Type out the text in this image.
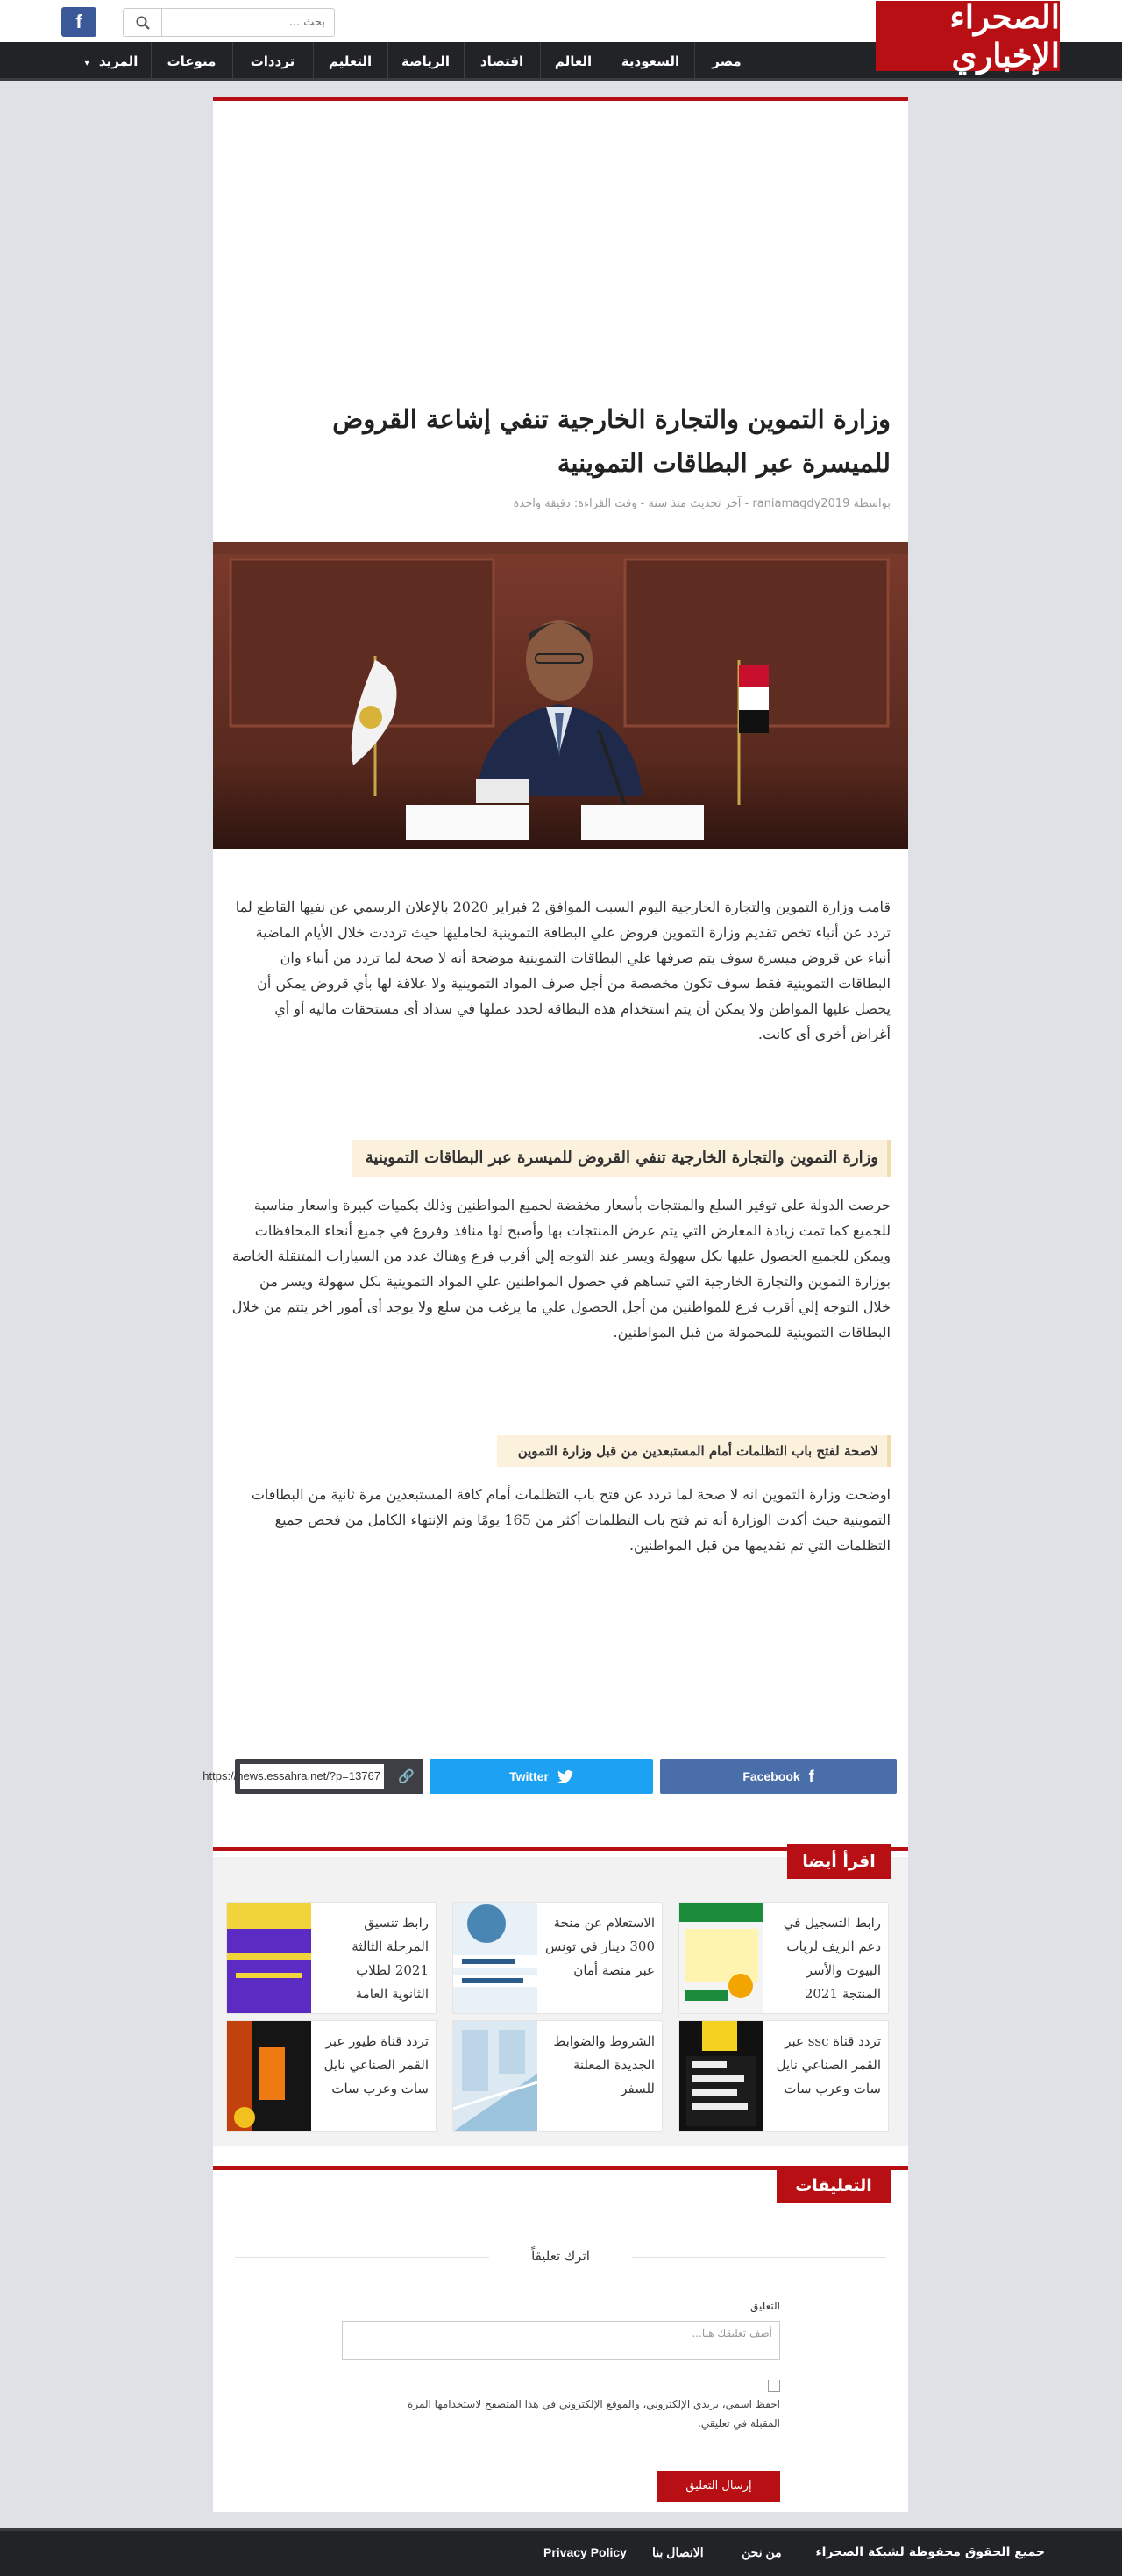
f
بحث ...	الصحراء الإخباري
مصر
السعودية
العالم
اقتصاد
الرياضة
التعليم
ترددات
منوعات
المزيد ▾
وزارة التموين والتجارة الخارجية تنفي إشاعة القروض للميسرة عبر البطاقات التموينية
بواسطة raniamagdy2019 - آخر تحديث منذ سنة - وقت القراءة: دقيقة واحدة

قامت وزارة التموين والتجارة الخارجية اليوم السبت الموافق 2 فبراير 2020 بالإعلان الرسمي عن نفيها القاطع لما تردد عن أنباء تخص تقديم وزارة التموين قروض علي البطاقة التموينية لحامليها حيث ترددت خلال الأيام الماضية أنباء عن قروض ميسرة سوف يتم صرفها علي البطاقات التموينية موضحة أنه لا صحة لما تردد من أنباء وان البطاقات التموينية فقط سوف تكون مخصصة من أجل صرف المواد التموينية ولا علاقة لها بأي قروض يمكن أن يحصل عليها المواطن ولا يمكن أن يتم استخدام هذه البطاقة لحدد عملها في سداد أى مستحقات مالية أو أي أغراض أخري أى كانت.

وزارة التموين والتجارة الخارجية تنفي القروض للميسرة عبر البطاقات التموينية

حرصت الدولة علي توفير السلع والمنتجات بأسعار مخفضة لجميع المواطنين وذلك بكميات كبيرة واسعار مناسبة للجميع كما تمت زيادة المعارض التي يتم عرض المنتجات بها وأصبح لها منافذ وفروع في جميع أنحاء المحافظات ويمكن للجميع الحصول عليها بكل سهولة ويسر عند التوجه إلي أقرب فرع وهناك عدد من السيارات المتنقلة الخاصة بوزارة التموين والتجارة الخارجية التي تساهم في حصول المواطنين علي المواد التموينية بكل سهولة ويسر من خلال التوجه إلي أقرب فرع للمواطنين من أجل الحصول علي ما يرغب من سلع ولا يوجد أى أمور اخر يتتم من خلال البطاقات التموينية للمحمولة من قبل المواطنين.

لاصحة لفتح باب التظلمات أمام المستبعدين من قبل وزارة التموين

اوضحت وزارة التموين انه لا صحة لما تردد عن فتح باب التظلمات أمام كافة المستبعدين مرة ثانية من البطاقات التموينية حيث أكدت الوزارة أنه تم فتح باب التظلمات أكثر من 165 يومًا وتم الإنتهاء الكامل من فحص جميع التظلمات التي تم تقديمها من قبل المواطنين.

https://news.essahra.net/?p=13767 🔗	Twitter	Facebook f
اقرأ أيضا
رابط التسجيل في دعم الريف لربات البيوت والأسر المنتجة 2021
الاستعلام عن منحة 300 دينار في تونس عبر منصة أمان
رابط تنسيق المرحلة الثالثة 2021 لطلاب الثانوية العامة
تردد قناة ssc عبر القمر الصناعي نايل سات وعرب سات
الشروط والضوابط الجديدة المعلنة للسفر
تردد قناة طيور عبر القمر الصناعي نايل سات وعرب سات
التعليقات
اترك تعليقاً
التعليق
أضف تعليقك هنا...
احفظ اسمي، بريدي الإلكتروني، والموقع الإلكتروني في هذا المتصفح لاستخدامها المرة المقبلة في تعليقي.
إرسال التعليق
جميع الحقوق محفوظة لشبكة الصحراء
من نحن
الاتصال بنا
Privacy Policy
